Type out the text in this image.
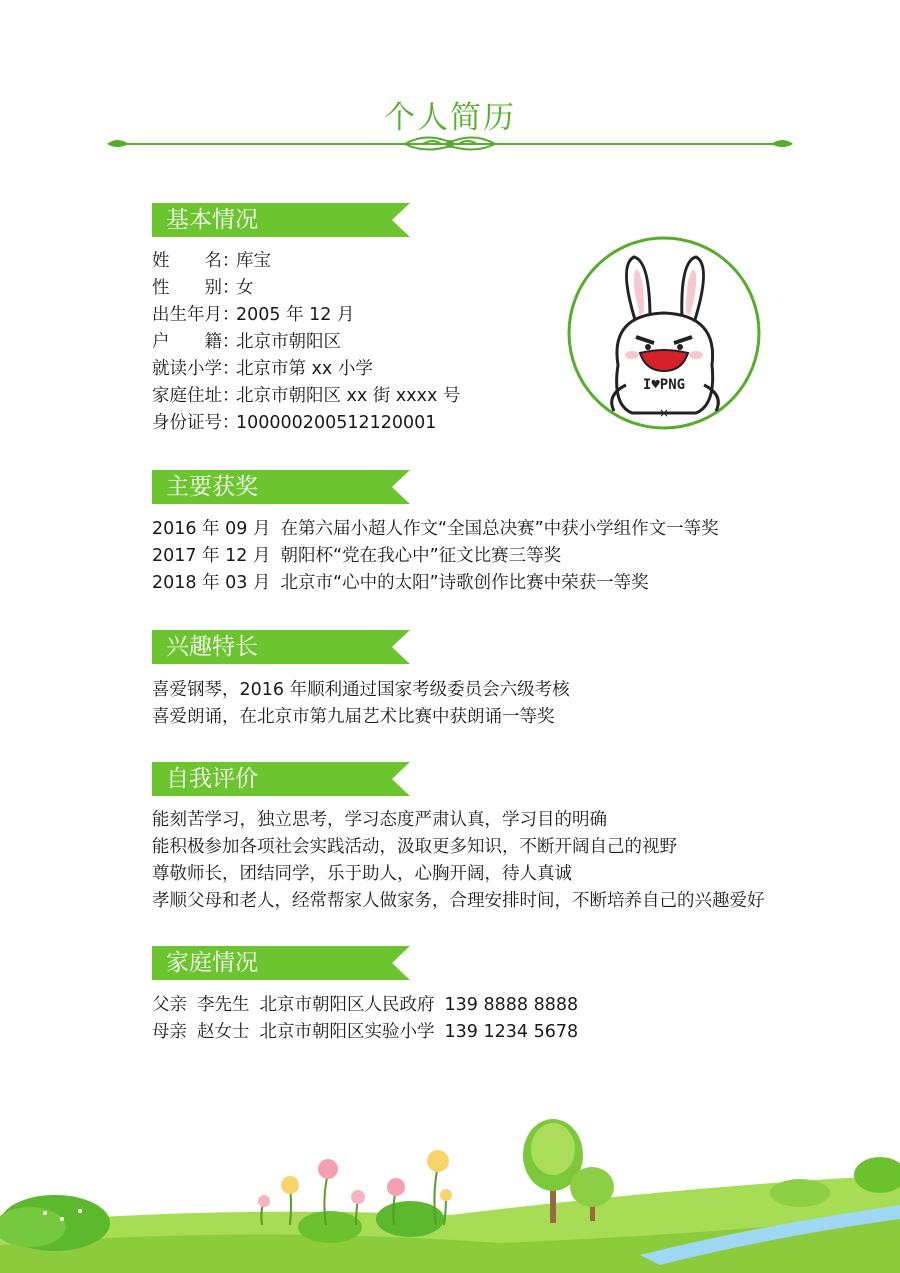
个人简历
基本情况
姓　　名：库宝
性　　别：女
出生年月：2005 年 12 月
户　　籍：北京市朝阳区
就读小学：北京市第 xx 小学
家庭住址：北京市朝阳区 xx 街 xxxx 号
身份证号：100000200512120001
I♥PNG
×
主要获奖
2016 年 09 月 在第六届小超人作文“全国总决赛”中获小学组作文一等奖
2017 年 12 月 朝阳杯“党在我心中”征文比赛三等奖
2018 年 03 月 北京市“心中的太阳”诗歌创作比赛中荣获一等奖
兴趣特长
喜爱钢琴，2016 年顺利通过国家考级委员会六级考核
喜爱朗诵，在北京市第九届艺术比赛中获朗诵一等奖
自我评价
能刻苦学习，独立思考，学习态度严肃认真，学习目的明确
能积极参加各项社会实践活动，汲取更多知识，不断开阔自己的视野
尊敬师长，团结同学，乐于助人，心胸开阔，待人真诚
孝顺父母和老人，经常帮家人做家务，合理安排时间，不断培养自己的兴趣爱好
家庭情况
父亲 李先生 北京市朝阳区人民政府 139 8888 8888
母亲 赵女士 北京市朝阳区实验小学 139 1234 5678
